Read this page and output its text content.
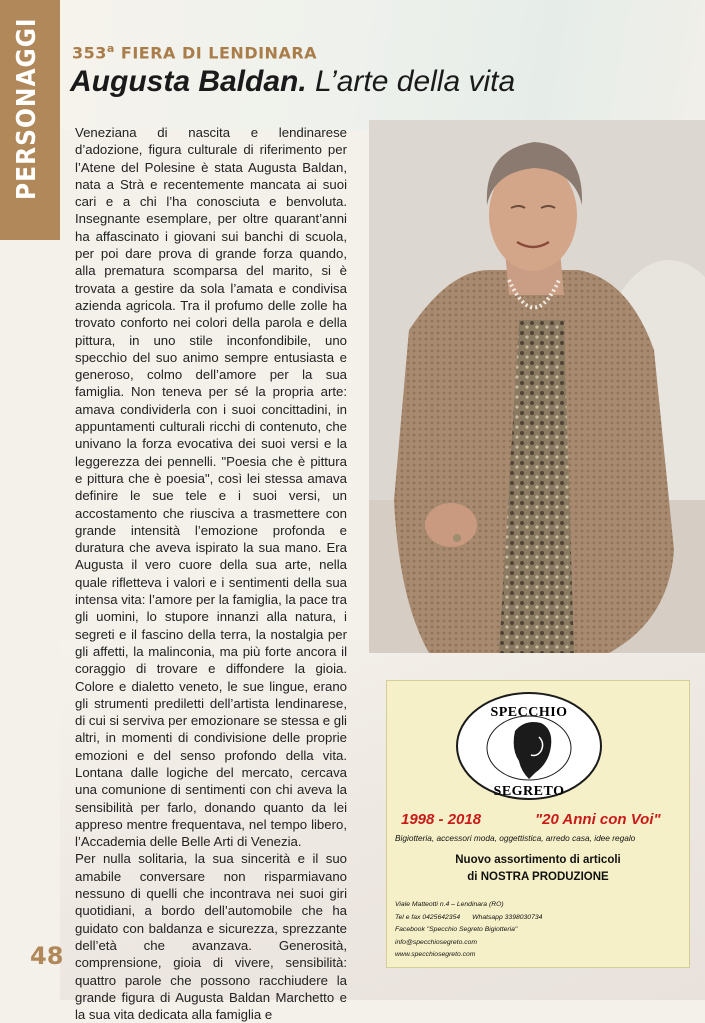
PERSONAGGI 353$^a$ FIERA DI LENDINARA
Augusta Baldan. L’arte della vita

Veneziana di nascita e lendinarese d’adozione, figura culturale di riferimento per l’Atene del Polesine è stata Augusta Baldan, nata a Strà e recentemente mancata ai suoi cari e a chi l’ha conosciuta e benvoluta. Insegnante esemplare, per oltre quarant’anni ha affascinato i giovani sui banchi di scuola, per poi dare prova di grande forza quando, alla prematura scomparsa del marito, si è trovata a gestire da sola l’amata e condivisa azienda agricola. Tra il profumo delle zolle ha trovato conforto nei colori della parola e della pittura, in uno stile inconfondibile, uno specchio del suo animo sempre entusiasta e generoso, colmo dell’amore per la sua famiglia. Non teneva per sé la propria arte: amava condividerla con i suoi concittadini, in appuntamenti culturali ricchi di contenuto, che univano la forza evocativa dei suoi versi e la leggerezza dei pennelli. "Poesia che è pittura e pittura che è poesia", così lei stessa amava definire le sue tele e i suoi versi, un accostamento che riusciva a trasmettere con grande intensità l’emozione profonda e duratura che aveva ispirato la sua mano. Era Augusta il vero cuore della sua arte, nella quale rifletteva i valori e i sentimenti della sua intensa vita: l’amore per la famiglia, la pace tra gli uomini, lo stupore innanzi alla natura, i segreti e il fascino della terra, la nostalgia per gli affetti, la malinconia, ma più forte ancora il coraggio di trovare e diffondere la gioia. Colore e dialetto veneto, le sue lingue, erano gli strumenti prediletti dell’artista lendinarese, di cui si serviva per emozionare se stessa e gli altri, in momenti di condivisione delle proprie emozioni e del senso profondo della vita. Lontana dalle logiche del mercato, cercava una comunione di sentimenti con chi aveva la sensibilità per farlo, donando quanto da lei appreso mentre frequentava, nel tempo libero, l’Accademia delle Belle Arti di Venezia.

Per nulla solitaria, la sua sincerità e il suo amabile conversare non risparmiavano nessuno di quelli che incontrava nei suoi giri quotidiani, a bordo dell’automobile che ha guidato con baldanza e sicurezza, sprezzante dell’età che avanzava. Generosità, comprensione, gioia di vivere, sensibilità: quattro parole che possono racchiudere la grande figura di Augusta Baldan Marchetto e la sua vita dedicata alla famiglia e

SPECCHIO
SEGRETO
1998 - 2018	"20 Anni con Voi"
Bigiotteria, accessori moda, oggettistica, arredo casa, idee regalo
Nuovo assortimento di articoli
di NOSTRA PRODUZIONE
Viale Matteotti n.4 – Lendinara (RO)
Tel e fax 0425642354 Whatsapp 3398030734
Facebook "Specchio Segreto Bigiotteria"
info@specchiosegreto.com
www.specchiosegreto.com
48
